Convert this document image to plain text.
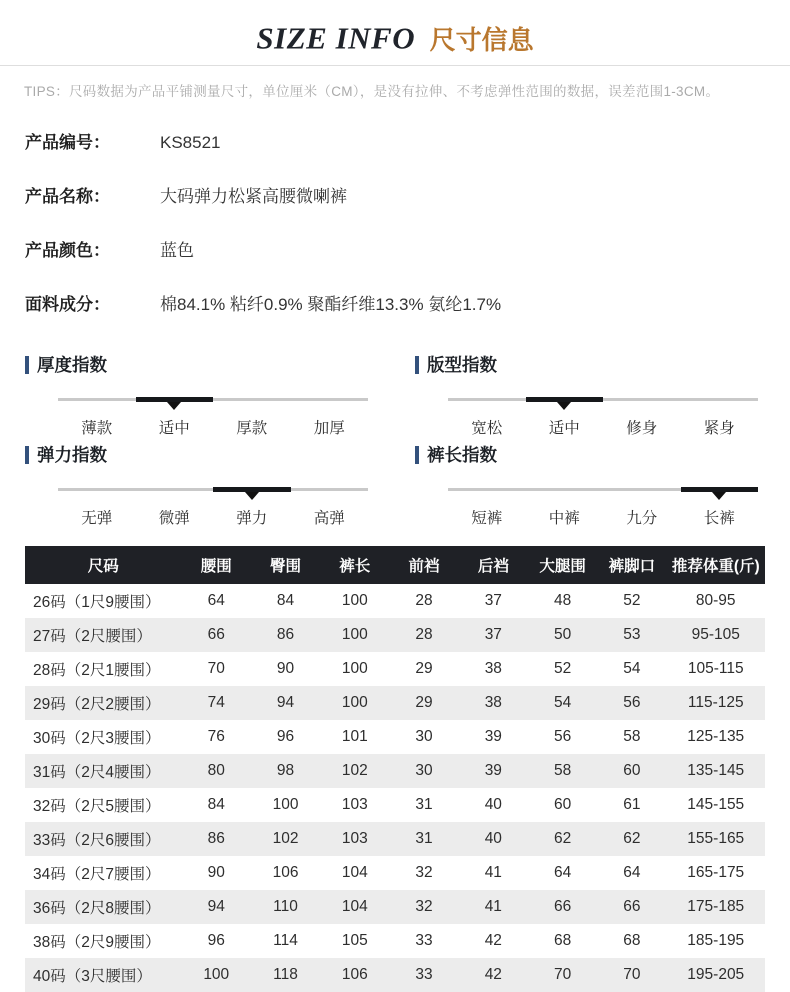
SIZE INFO 尺寸信息
TIPS：尺码数据为产品平铺测量尺寸，单位厘米（CM），是没有拉伸、不考虑弹性范围的数据，误差范围1-3CM。
产品编号：	KS8521
产品名称：	大码弹力松紧高腰微喇裤
产品颜色：	蓝色
面料成分：	棉84.1% 粘纤0.9% 聚酯纤维13.3% 氨纶1.7%
厚度指数
薄款	适中	厚款	加厚
版型指数
宽松	适中	修身	紧身
弹力指数
无弹	微弹	弹力	高弹
裤长指数
短裤	中裤	九分	长裤
尺码	腰围	臀围	裤长	前裆	后裆	大腿围	裤脚口	推荐体重(斤)
26码（1尺9腰围）	64	84	100	28	37	48	52	80-95
27码（2尺腰围）	66	86	100	28	37	50	53	95-105
28码（2尺1腰围）	70	90	100	29	38	52	54	105-115
29码（2尺2腰围）	74	94	100	29	38	54	56	115-125
30码（2尺3腰围）	76	96	101	30	39	56	58	125-135
31码（2尺4腰围）	80	98	102	30	39	58	60	135-145
32码（2尺5腰围）	84	100	103	31	40	60	61	145-155
33码（2尺6腰围）	86	102	103	31	40	62	62	155-165
34码（2尺7腰围）	90	106	104	32	41	64	64	165-175
36码（2尺8腰围）	94	110	104	32	41	66	66	175-185
38码（2尺9腰围）	96	114	105	33	42	68	68	185-195
40码（3尺腰围）	100	118	106	33	42	70	70	195-205
